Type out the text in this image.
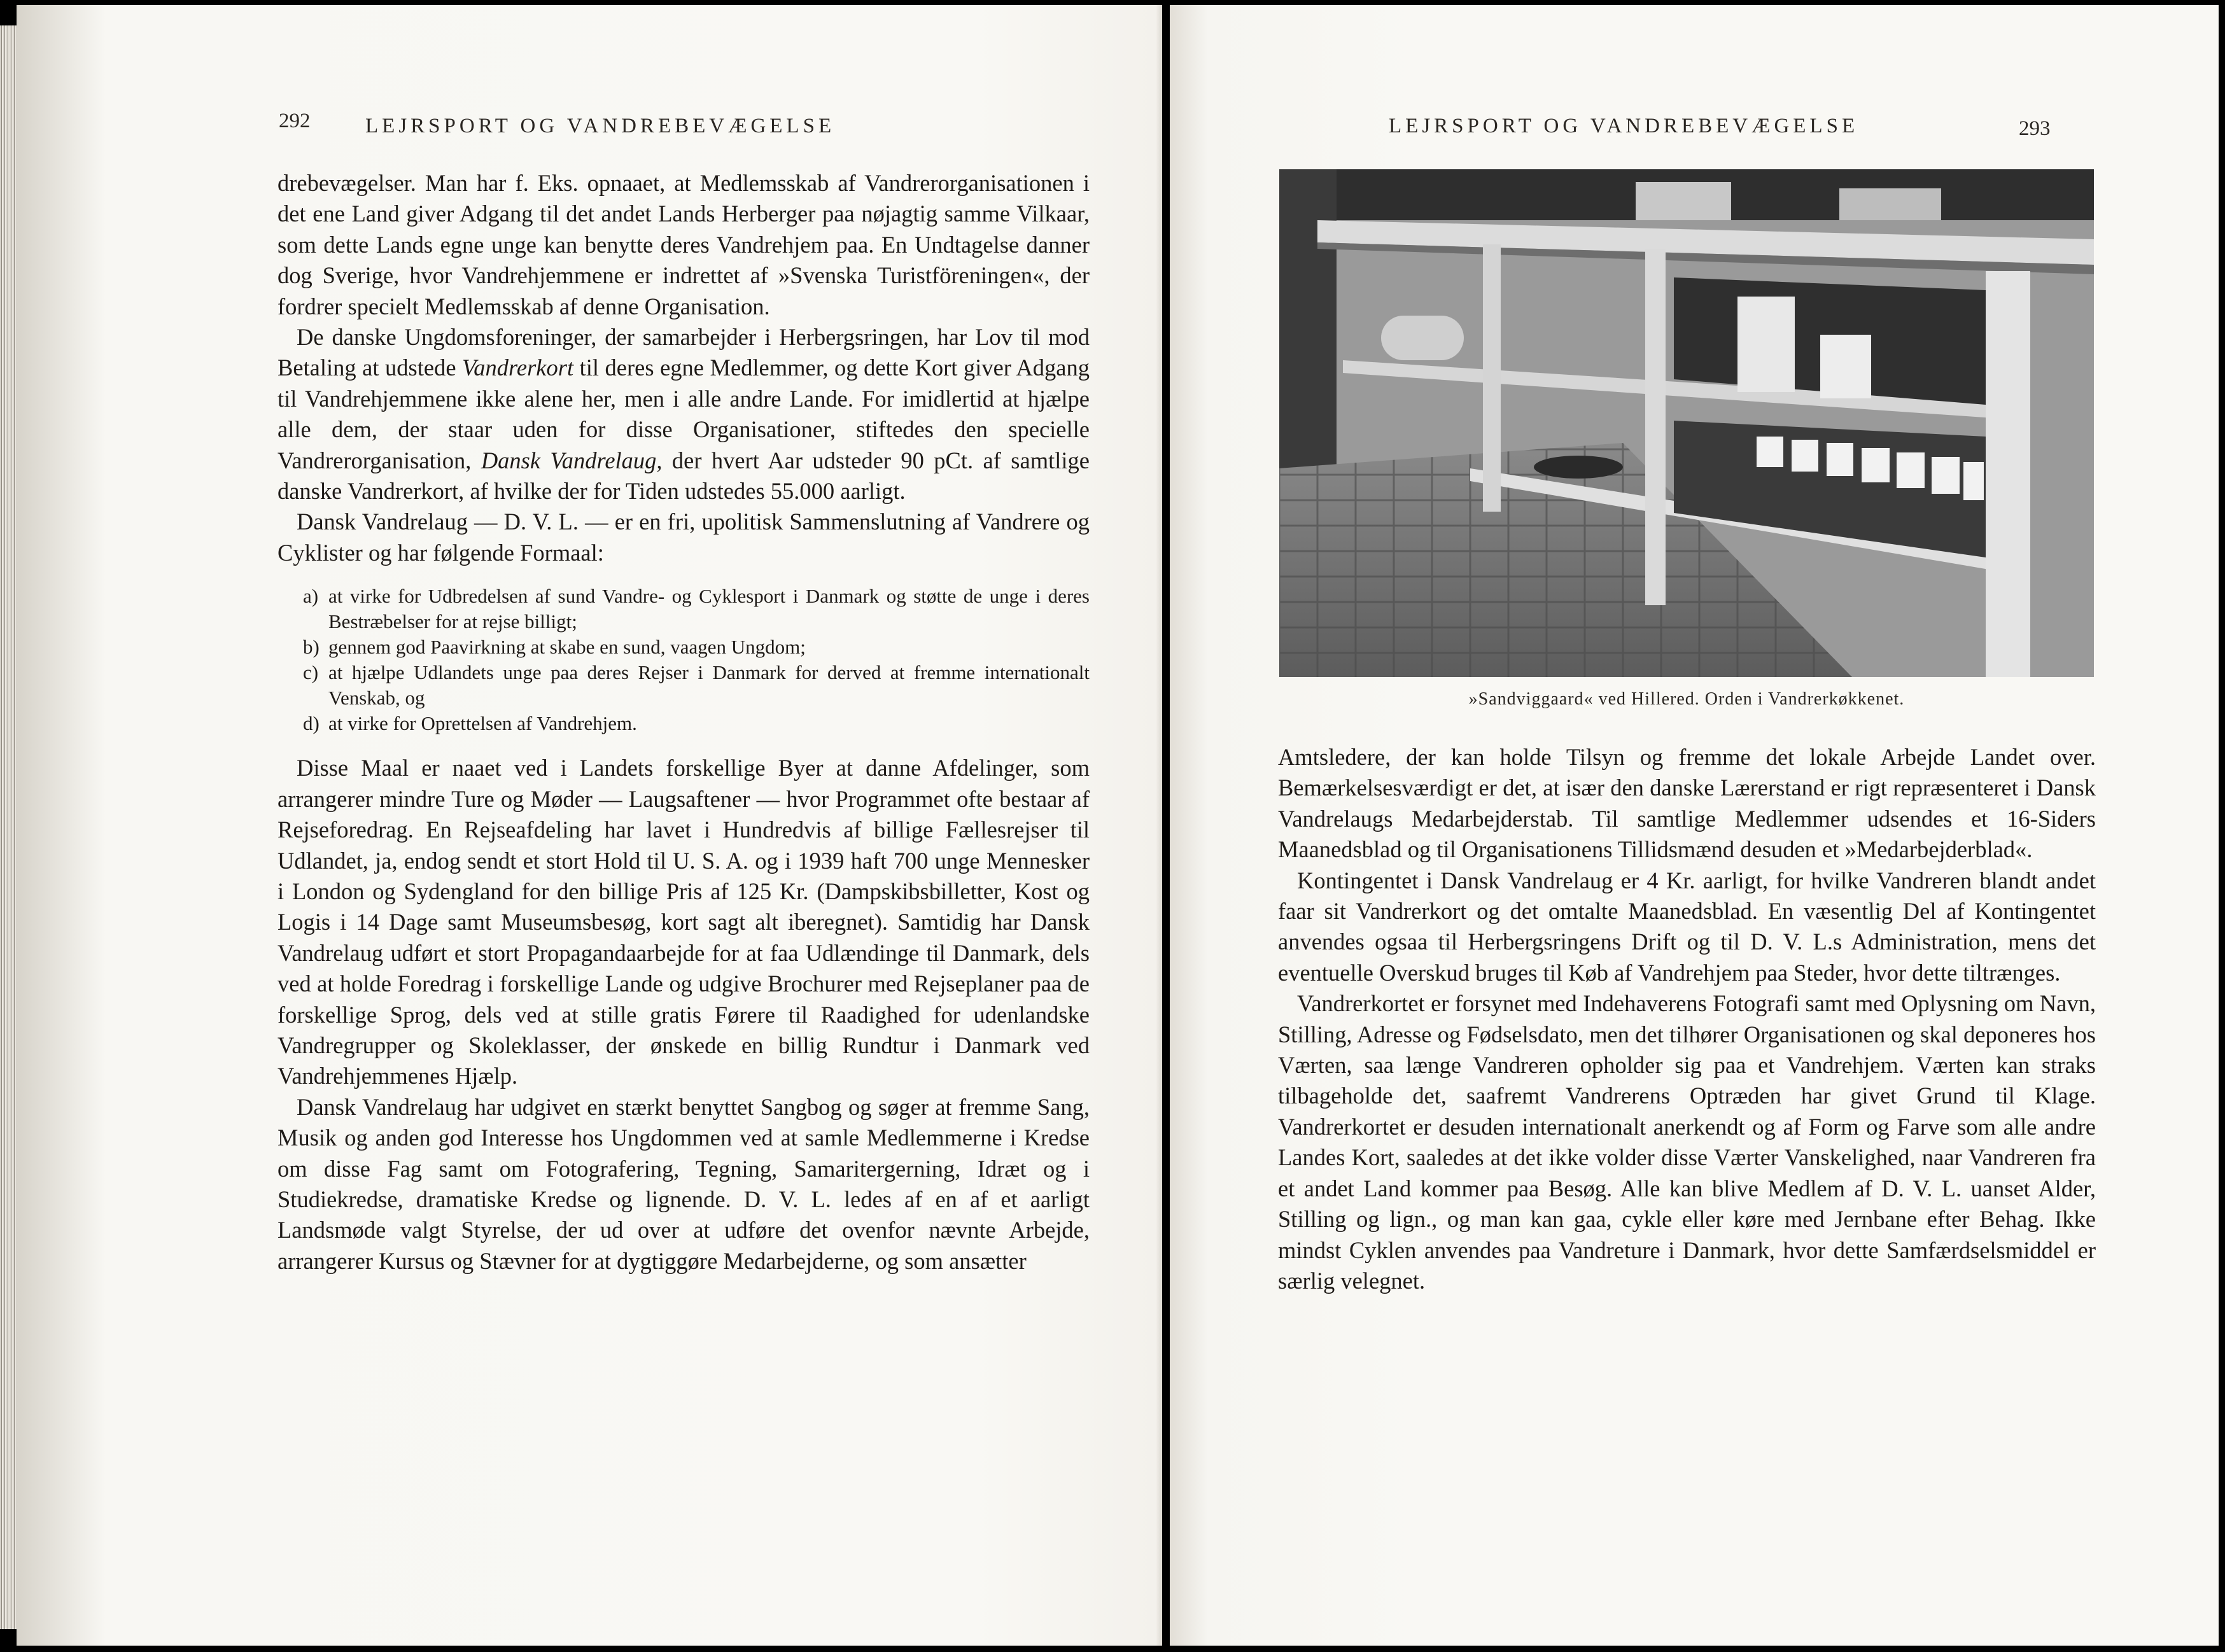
292	LEJRSPORT OG VANDREBEVÆGELSE

drebevægelser. Man har f. Eks. opnaaet, at Medlemsskab af Vandrerorganisationen i det ene Land giver Adgang til det andet Lands Herberger paa nøjagtig samme Vilkaar, som dette Lands egne unge kan benytte deres Vandrehjem paa. En Undtagelse danner dog Sverige, hvor Vandrehjemmene er indrettet af »Svenska Turistföreningen«, der fordrer specielt Medlemsskab af denne Organisation.

De danske Ungdomsforeninger, der samarbejder i Herbergsringen, har Lov til mod Betaling at udstede Vandrerkort til deres egne Medlemmer, og dette Kort giver Adgang til Vandrehjemmene ikke alene her, men i alle andre Lande. For imidlertid at hjælpe alle dem, der staar uden for disse Organisationer, stiftedes den specielle Vandrerorganisation, Dansk Vandrelaug, der hvert Aar udsteder 90 pCt. af samtlige danske Vandrerkort, af hvilke der for Tiden udstedes 55.000 aarligt.

Dansk Vandrelaug — D. V. L. — er en fri, upolitisk Sammenslutning af Vandrere og Cyklister og har følgende Formaal:

a) at virke for Udbredelsen af sund Vandre- og Cyklesport i Danmark og støtte de unge i deres Bestræbelser for at rejse billigt;
b) gennem god Paavirkning at skabe en sund, vaagen Ungdom;
c) at hjælpe Udlandets unge paa deres Rejser i Danmark for derved at fremme internationalt Venskab, og
d) at virke for Oprettelsen af Vandrehjem.

Disse Maal er naaet ved i Landets forskellige Byer at danne Afdelinger, som arrangerer mindre Ture og Møder — Laugsaftener — hvor Programmet ofte bestaar af Rejseforedrag. En Rejseafdeling har lavet i Hundredvis af billige Fællesrejser til Udlandet, ja, endog sendt et stort Hold til U. S. A. og i 1939 haft 700 unge Mennesker i London og Sydengland for den billige Pris af 125 Kr. (Dampskibsbilletter, Kost og Logis i 14 Dage samt Museumsbesøg, kort sagt alt iberegnet). Samtidig har Dansk Vandrelaug udført et stort Propagandaarbejde for at faa Udlændinge til Danmark, dels ved at holde Foredrag i forskellige Lande og udgive Brochurer med Rejseplaner paa de forskellige Sprog, dels ved at stille gratis Førere til Raadighed for udenlandske Vandregrupper og Skoleklasser, der ønskede en billig Rundtur i Danmark ved Vandrehjemmenes Hjælp.

Dansk Vandrelaug har udgivet en stærkt benyttet Sangbog og søger at fremme Sang, Musik og anden god Interesse hos Ungdommen ved at samle Medlemmerne i Kredse om disse Fag samt om Fotografering, Tegning, Samaritergerning, Idræt og i Studiekredse, dramatiske Kredse og lignende. D. V. L. ledes af en af et aarligt Landsmøde valgt Styrelse, der ud over at udføre det ovenfor nævnte Arbejde, arrangerer Kursus og Stævner for at dygtiggøre Medarbejderne, og som ansætter

LEJRSPORT OG VANDREBEVÆGELSE	293
»Sandviggaard« ved Hillered. Orden i Vandrerkøkkenet.

Amtsledere, der kan holde Tilsyn og fremme det lokale Arbejde Landet over. Bemærkelsesværdigt er det, at især den danske Lærerstand er rigt repræsenteret i Dansk Vandrelaugs Medarbejderstab. Til samtlige Medlemmer udsendes et 16-Siders Maanedsblad og til Organisationens Tillidsmænd desuden et »Medarbejderblad«.

Kontingentet i Dansk Vandrelaug er 4 Kr. aarligt, for hvilke Vandreren blandt andet faar sit Vandrerkort og det omtalte Maanedsblad. En væsentlig Del af Kontingentet anvendes ogsaa til Herbergsringens Drift og til D. V. L.s Administration, mens det eventuelle Overskud bruges til Køb af Vandrehjem paa Steder, hvor dette tiltrænges.

Vandrerkortet er forsynet med Indehaverens Fotografi samt med Oplysning om Navn, Stilling, Adresse og Fødselsdato, men det tilhører Organisationen og skal deponeres hos Værten, saa længe Vandreren opholder sig paa et Vandrehjem. Værten kan straks tilbageholde det, saafremt Vandrerens Optræden har givet Grund til Klage. Vandrerkortet er desuden internationalt anerkendt og af Form og Farve som alle andre Landes Kort, saaledes at det ikke volder disse Værter Vanskelighed, naar Vandreren fra et andet Land kommer paa Besøg. Alle kan blive Medlem af D. V. L. uanset Alder, Stilling og lign., og man kan gaa, cykle eller køre med Jernbane efter Behag. Ikke mindst Cyklen anvendes paa Vandreture i Danmark, hvor dette Samfærdselsmiddel er særlig velegnet.
